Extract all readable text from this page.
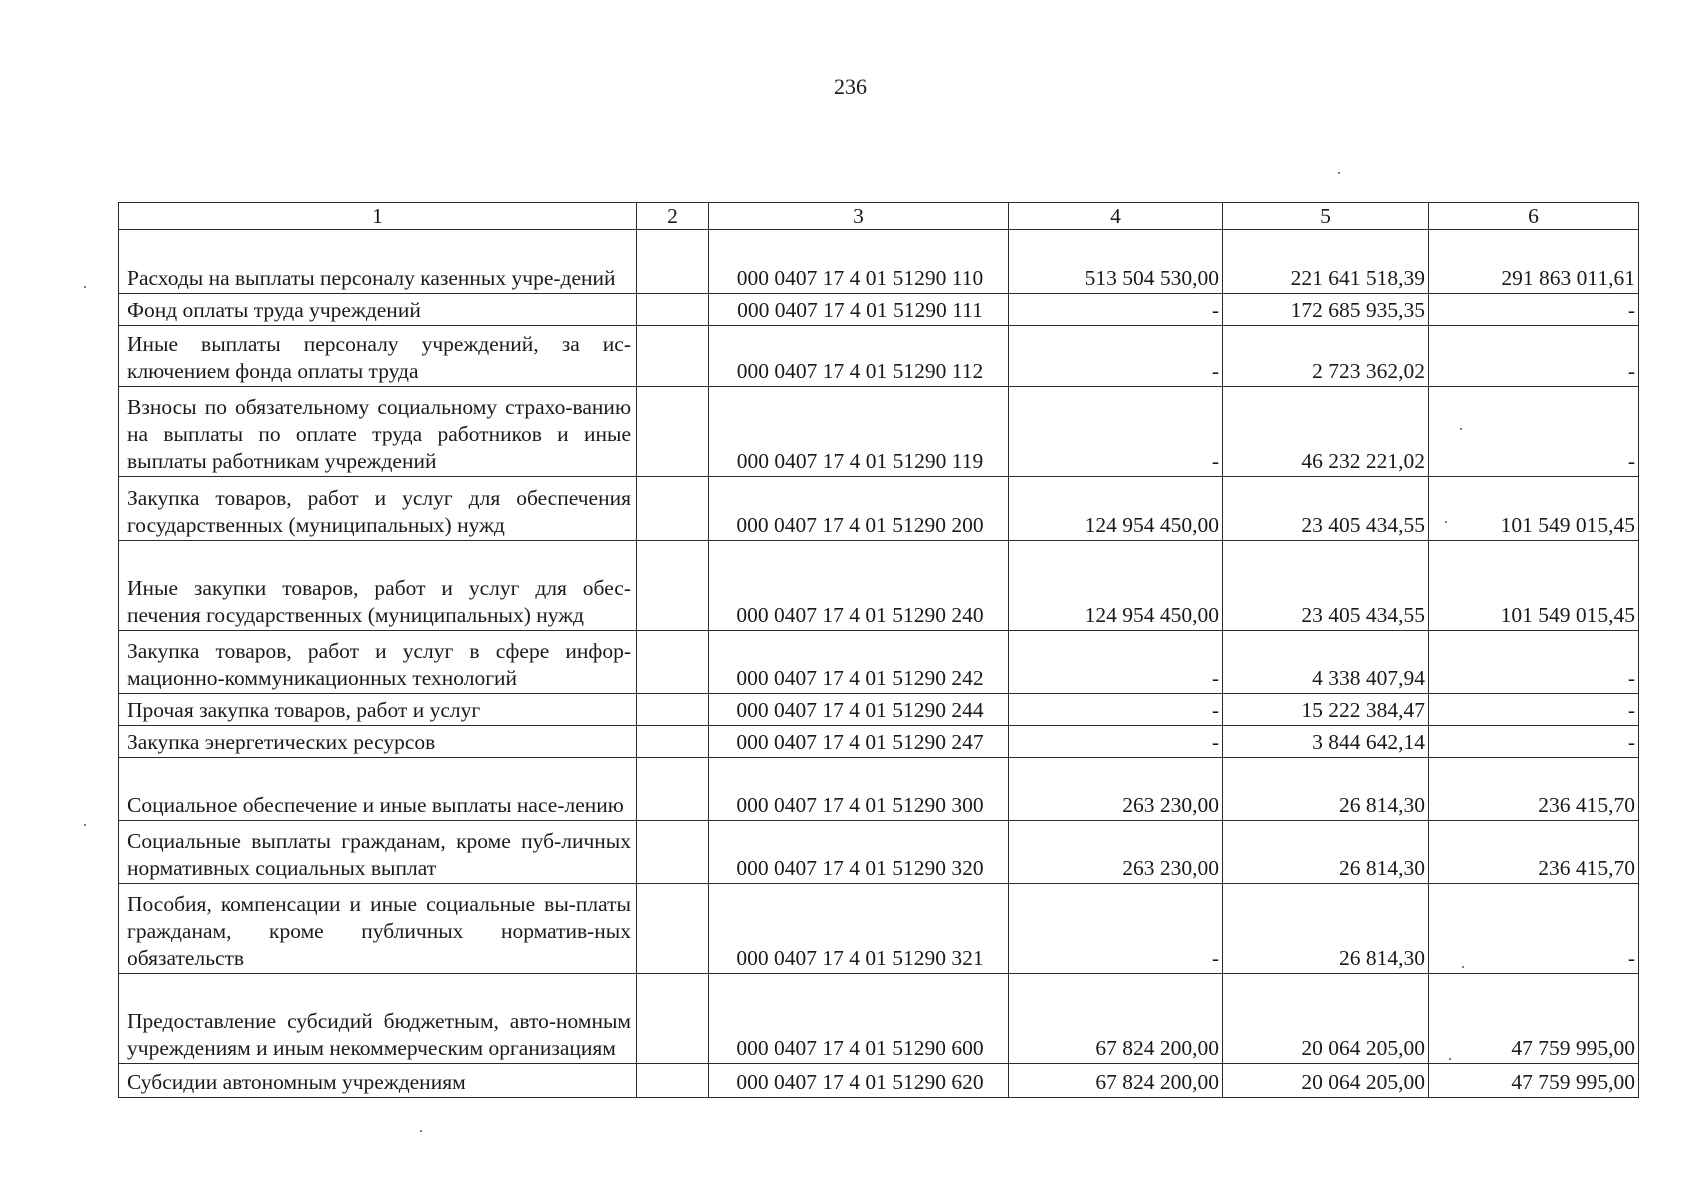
236
1	2	3	4	5	6
Расходы на выплаты персоналу казенных учре-дений		000 0407 17 4 01 51290 110	513 504 530,00	221 641 518,39	291 863 011,61
Фонд оплаты труда учреждений		000 0407 17 4 01 51290 111	-	172 685 935,35	-
Иные выплаты персоналу учреждений, за ис-ключением фонда оплаты труда		000 0407 17 4 01 51290 112	-	2 723 362,02	-
Взносы по обязательному социальному страхо-ванию на выплаты по оплате труда работников и иные выплаты работникам учреждений		000 0407 17 4 01 51290 119	-	46 232 221,02	-
Закупка товаров, работ и услуг для обеспечения государственных (муниципальных) нужд		000 0407 17 4 01 51290 200	124 954 450,00	23 405 434,55	101 549 015,45
Иные закупки товаров, работ и услуг для обес-печения государственных (муниципальных) нужд		000 0407 17 4 01 51290 240	124 954 450,00	23 405 434,55	101 549 015,45
Закупка товаров, работ и услуг в сфере инфор-мационно-коммуникационных технологий		000 0407 17 4 01 51290 242	-	4 338 407,94	-
Прочая закупка товаров, работ и услуг		000 0407 17 4 01 51290 244	-	15 222 384,47	-
Закупка энергетических ресурсов		000 0407 17 4 01 51290 247	-	3 844 642,14	-
Социальное обеспечение и иные выплаты насе-лению		000 0407 17 4 01 51290 300	263 230,00	26 814,30	236 415,70
Социальные выплаты гражданам, кроме пуб-личных нормативных социальных выплат		000 0407 17 4 01 51290 320	263 230,00	26 814,30	236 415,70
Пособия, компенсации и иные социальные вы-платы гражданам, кроме публичных норматив-ных обязательств		000 0407 17 4 01 51290 321	-	26 814,30	-
Предоставление субсидий бюджетным, авто-номным учреждениям и иным некоммерческим организациям		000 0407 17 4 01 51290 600	67 824 200,00	20 064 205,00	47 759 995,00
Субсидии автономным учреждениям		000 0407 17 4 01 51290 620	67 824 200,00	20 064 205,00	47 759 995,00
